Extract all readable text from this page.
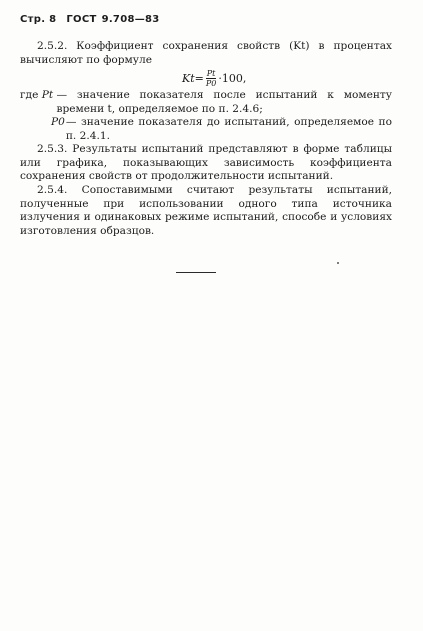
Стр. 8 ГОСТ 9.708—83

2.5.2. Коэффициент сохранения свойств (Kt) в процентах вычисляют по формуле

$Kt= \frac{Pt}{P0} \cdot 100$,
где Pt — значение показателя после испытаний к моменту времени t, определяемое по п. 2.4.6;
P0 — значение показателя до испытаний, определяемое по п. 2.4.1.

2.5.3. Результаты испытаний представляют в форме таблицы или графика, показывающих зависимость коэффициента сохранения свойств от продолжительности испытаний.

2.5.4. Сопоставимыми считают результаты испытаний, полученные при использовании одного типа источника излучения и одинаковых режиме испытаний, способе и условиях изготовления образцов.
